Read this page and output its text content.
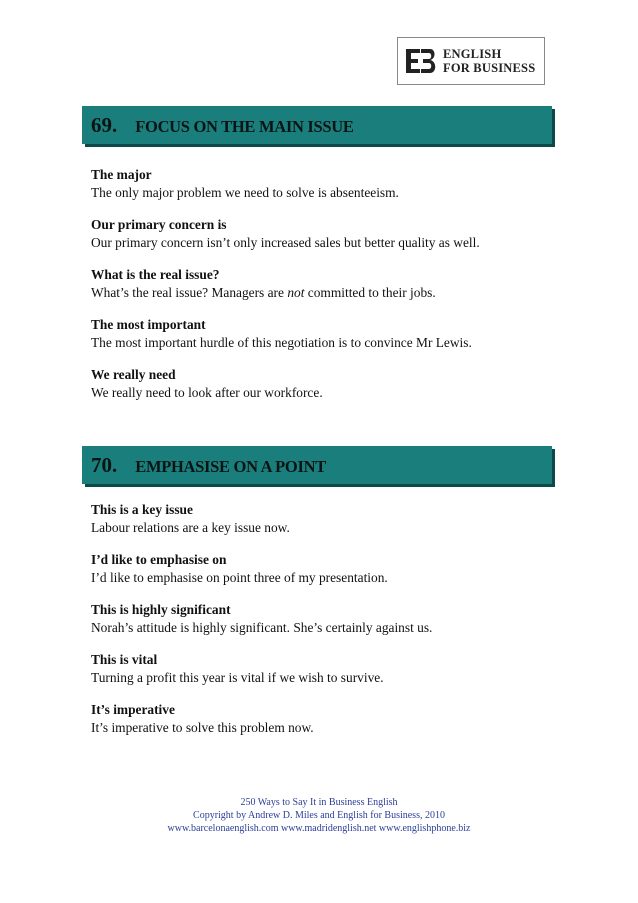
ENGLISH
FOR BUSINESS
69. FOCUS ON THE MAIN ISSUE
The major
The only major problem we need to solve is absenteeism.
Our primary concern is
Our primary concern isn’t only increased sales but better quality as well.
What is the real issue?
What’s the real issue? Managers are not committed to their jobs.
The most important
The most important hurdle of this negotiation is to convince Mr Lewis.
We really need
We really need to look after our workforce.
70. EMPHASISE ON A POINT
This is a key issue
Labour relations are a key issue now.
I’d like to emphasise on
I’d like to emphasise on point three of my presentation.
This is highly significant
Norah’s attitude is highly significant. She’s certainly against us.
This is vital
Turning a profit this year is vital if we wish to survive.
It’s imperative
It’s imperative to solve this problem now.
250 Ways to Say It in Business English
Copyright by Andrew D. Miles and English for Business, 2010
www.barcelonaenglish.com www.madridenglish.net www.englishphone.biz
